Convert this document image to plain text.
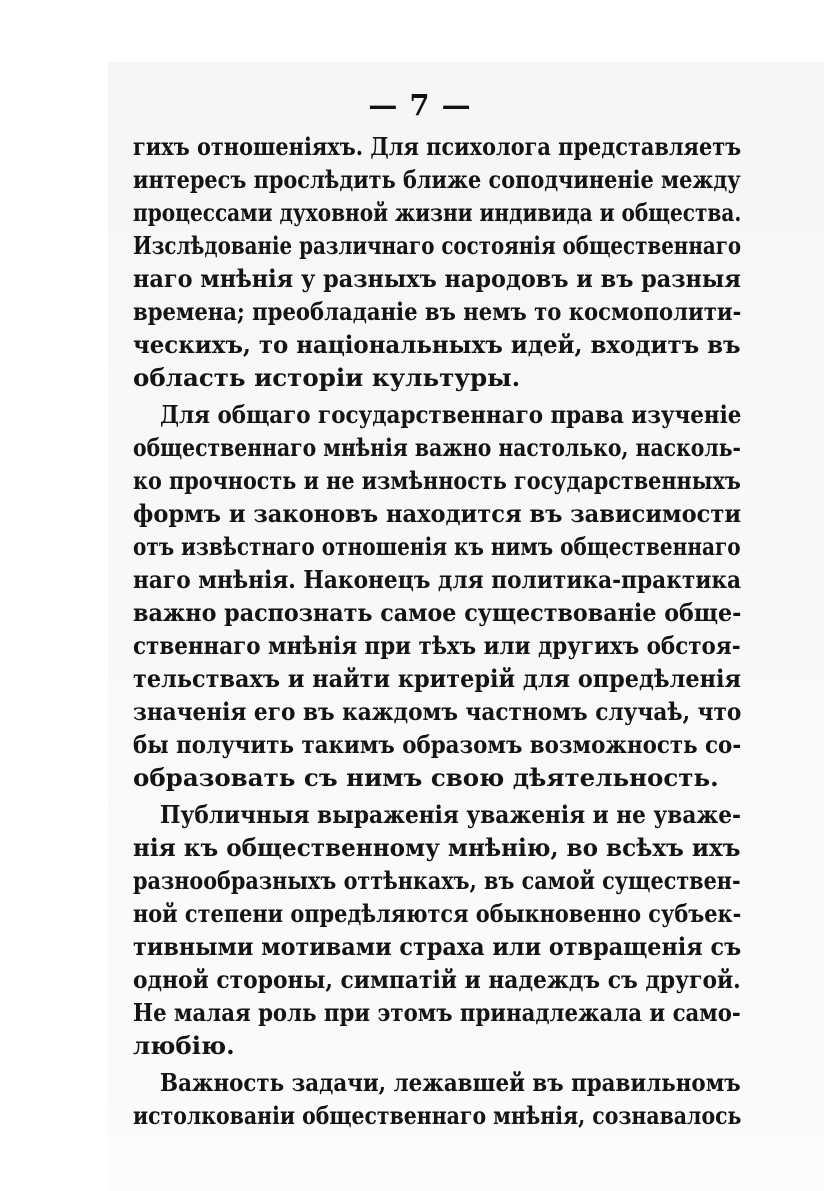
— 7 —
гихъ отношеніяхъ. Для психолога представляетъ
интересъ прослѣдить ближе соподчиненіе между
процессами духовной жизни индивида и общества.
Изслѣдованіе различнаго состоянія общественнаго
наго мнѣнія у разныхъ народовъ и въ разныя
времена; преобладаніе въ немъ то космополити-
ческихъ, то національныхъ идей, входитъ въ
область исторіи культуры.
Для общаго государственнаго права изученіе
общественнаго мнѣнія важно настолько, насколь-
ко прочность и не измѣнность государственныхъ
формъ и законовъ находится въ зависимости
отъ извѣстнаго отношенія къ нимъ общественнаго
наго мнѣнія. Наконецъ для политика-практика
важно распознать самое существованіе обще-
ственнаго мнѣнія при тѣхъ или другихъ обстоя-
тельствахъ и найти критерій для опредѣленія
значенія его въ каждомъ частномъ случаѣ, что
бы получить такимъ образомъ возможность со-
образовать съ нимъ свою дѣятельность.
Публичныя выраженія уваженія и не уваже-
нія къ общественному мнѣнію, во всѣхъ ихъ
разнообразныхъ оттѣнкахъ, въ самой существен-
ной степени опредѣляются обыкновенно субъек-
тивными мотивами страха или отвращенія съ
одной стороны, симпатій и надеждъ съ другой.
Не малая роль при этомъ принадлежала и само-
любію.
Важность задачи, лежавшей въ правильномъ
истолкованіи общественнаго мнѣнія, сознавалось
